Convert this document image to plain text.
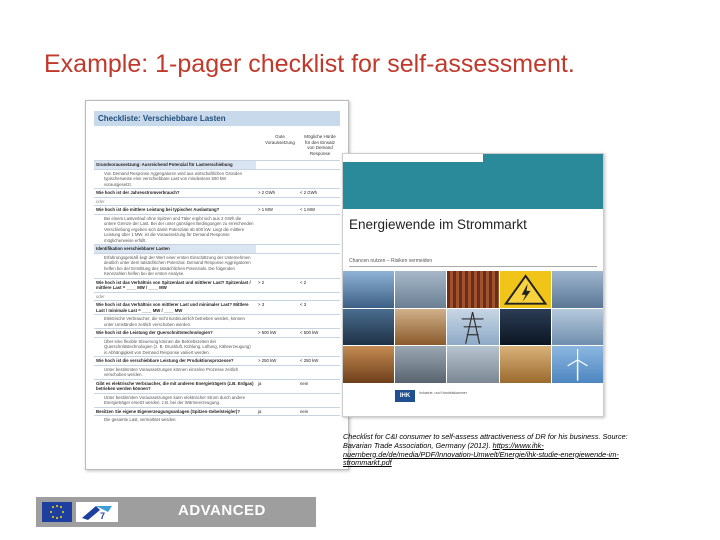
Example: 1-pager checklist for self-assessment.
Checkliste: Verschiebbare Lasten
Gute Voraussetzung
Mögliche Hürde für den Einsatz von Demand Response
Grundvoraussetzung: Ausreichend Potenzial für Lastverschiebung
Von Demand Response Aggregatoren wird aus wirtschaftlichen Gründen typischerweise eine verschiebbare Last von mindestens 500 kW vorausgesetzt.
Wie hoch ist der Jahresstromverbrauch?	> 2 GWh	< 2 GWh
oder
Wie hoch ist die mittlere Leistung bei typischer Auslastung?	> 1 MW	< 1 MW
Bei einem Lastverlauf ohne Spitzen und Täler ergibt sich aus 2 GWh die untere Grenze der Last. Bei der unter günstigen Bedingungen zu erreichenden Verschiebung ergeben sich damit Potenziale ab 500 kW. Liegt die mittlere Leistung über 1 MW, ist die Voraussetzung für Demand Response möglicherweise erfüllt.
Identifikation verschiebbarer Lasten
Erfahrungsgemäß liegt der Wert einer ersten Einschätzung der Unternehmen deutlich unter dem tatsächlichen Potenzial. Demand Response Aggregatoren helfen bei der Ermittlung des tatsächlichen Potenzials. Die folgenden Kennzahlen helfen bei der ersten Analyse.
Wie hoch ist das Verhältnis von Spitzenlast und mittlerer Last? Spitzenlast / mittlere Last = ____ MW / ____ MW
> 2	< 2
oder
Wie hoch ist das Verhältnis von mittlerer Last und minimaler Last? Mittlere Last / minimale Last = ____ MW / ____ MW
> 3	< 3
Elektrische Verbraucher, die nicht kontinuierlich betrieben werden, können unter Umständen zeitlich verschoben werden.
Wie hoch ist die Leistung der Querschnittstechnologien?	> 500 kW	< 500 kW
Über eine flexible Steuerung können die Betriebszeiten der Querschnittstechnologien (z. B. Druckluft, Kühlung, Lüftung, Kälteerzeugung) in Abhängigkeit von Demand Response variiert werden.
Wie hoch ist die verschiebbare Leistung der Produktionsprozesse?	> 250 kW	< 250 kW
Unter bestimmten Voraussetzungen können einzelne Prozesse zeitlich verschoben werden.
Gibt es elektrische Verbraucher, die mit anderen Energieträgern (z.B. Erdgas) betrieben werden können?
ja	nein
Unter bestimmten Voraussetzungen kann elektrischer Strom durch andere Energieträger ersetzt werden, z.B. bei der Wärmeerzeugung.
Besitzen Sie eigene Eigenerzeugungsanlagen (Spitzen-Gebelsteigler)?	ja	nein
Die gesamte Last, vermarktet werden.
Energiewende im Strommarkt
Chancen nutzen – Risiken vermeiden
IHK	Industrie- und Handelskammer
Checklist for C&I consumer to self-assess attractiveness of DR for his business. Source: Bavarian Trade Association, Germany (2012). https://www.ihk-nuernberg.de/de/media/PDF/Innovation-Umwelt/Energie/ihk-studie-energiewende-im-strommarkt.pdf
7	ADVANCED
